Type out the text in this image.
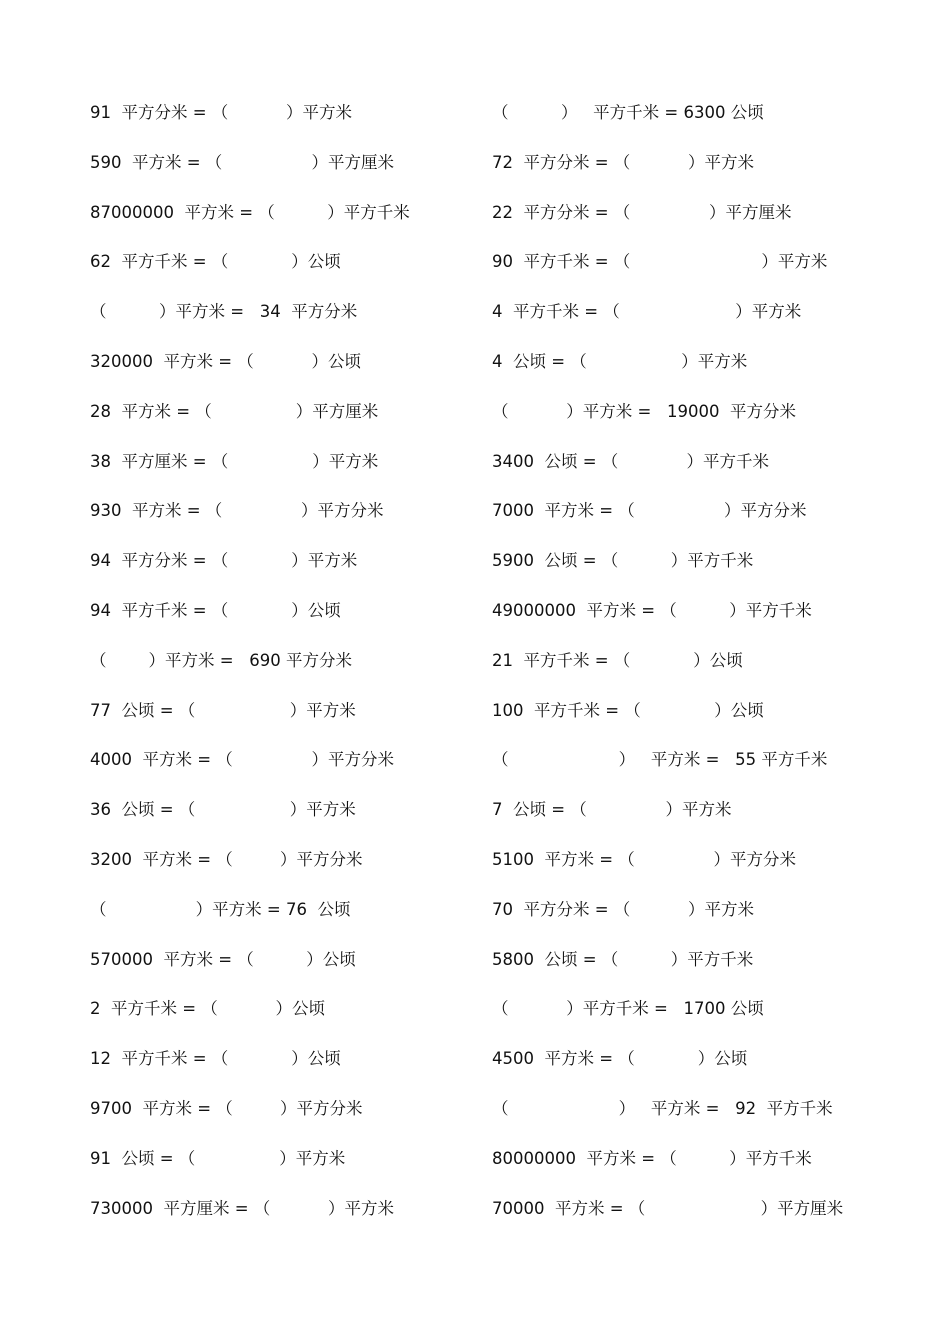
91  平方分米 = （           ）平方米
590  平方米 = （                 ）平方厘米
87000000  平方米 = （          ）平方千米
62  平方千米 = （            ）公顷
（          ）平方米 =   34  平方分米
320000  平方米 = （           ）公顷
28  平方米 = （                ）平方厘米
38  平方厘米 = （                ）平方米
930  平方米 = （               ）平方分米
94  平方分米 = （            ）平方米
94  平方千米 = （            ）公顷
（        ）平方米 =   690 平方分米
77  公顷 = （                  ）平方米
4000  平方米 = （               ）平方分米
36  公顷 = （                  ）平方米
3200  平方米 = （         ）平方分米
（                 ）平方米 = 76  公顷
570000  平方米 = （          ）公顷
2  平方千米 = （           ）公顷
12  平方千米 = （            ）公顷
9700  平方米 = （         ）平方分米
91  公顷 = （                ）平方米
730000  平方厘米 = （           ）平方米
（          ）   平方千米 = 6300 公顷
72  平方分米 = （           ）平方米
22  平方分米 = （               ）平方厘米
90  平方千米 = （                         ）平方米
4  平方千米 = （                      ）平方米
4  公顷 = （                  ）平方米
（           ）平方米 =   19000  平方分米
3400  公顷 = （             ）平方千米
7000  平方米 = （                 ）平方分米
5900  公顷 = （          ）平方千米
49000000  平方米 = （          ）平方千米
21  平方千米 = （            ）公顷
100  平方千米 = （              ）公顷
（                     ）   平方米 =   55 平方千米
7  公顷 = （               ）平方米
5100  平方米 = （               ）平方分米
70  平方分米 = （           ）平方米
5800  公顷 = （          ）平方千米
（           ）平方千米 =   1700 公顷
4500  平方米 = （            ）公顷
（                     ）   平方米 =   92  平方千米
80000000  平方米 = （          ）平方千米
70000  平方米 = （                      ）平方厘米
